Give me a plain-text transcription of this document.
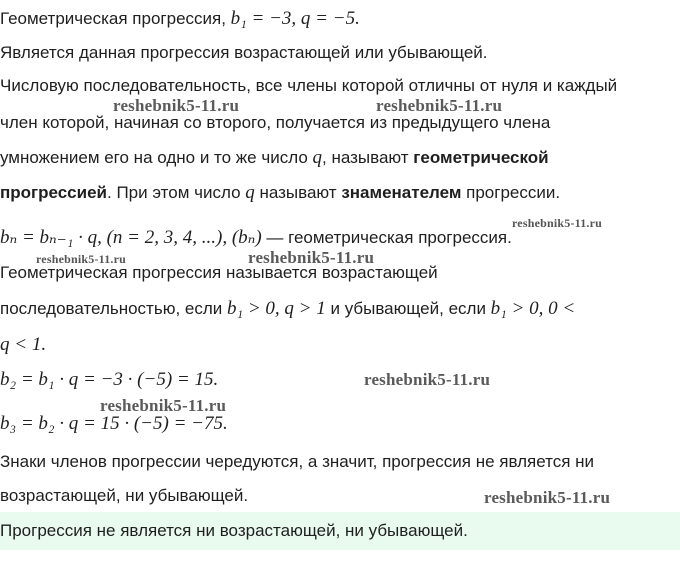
Геометрическая прогрессия, b₁ = −3, q = −5.
Является данная прогрессия возрастающей или убывающей.
Числовую последовательность, все члены которой отличны от нуля и каждый
член которой, начиная со второго, получается из предыдущего члена
умножением его на одно и то же число q, называют геометрической
прогрессией. При этом число q называют знаменателем прогрессии.
bₙ = bₙ₋₁ · q, (n = 2, 3, 4, ...), (bₙ) — геометрическая прогрессия.
Геометрическая прогрессия называется возрастающей
последовательностью, если b₁ > 0, q > 1 и убывающей, если b₁ > 0, 0 <
q < 1.
b₂ = b₁ · q = −3 · (−5) = 15.
b₃ = b₂ · q = 15 · (−5) = −75.
Знаки членов прогрессии чередуются, а значит, прогрессия не является ни
возрастающей, ни убывающей.
Прогрессия не является ни возрастающей, ни убывающей.
reshebnik5-11.ru	reshebnik5-11.ru
reshebnik5-11.ru
reshebnik5-11.ru	reshebnik5-11.ru
reshebnik5-11.ru
reshebnik5-11.ru
reshebnik5-11.ru
